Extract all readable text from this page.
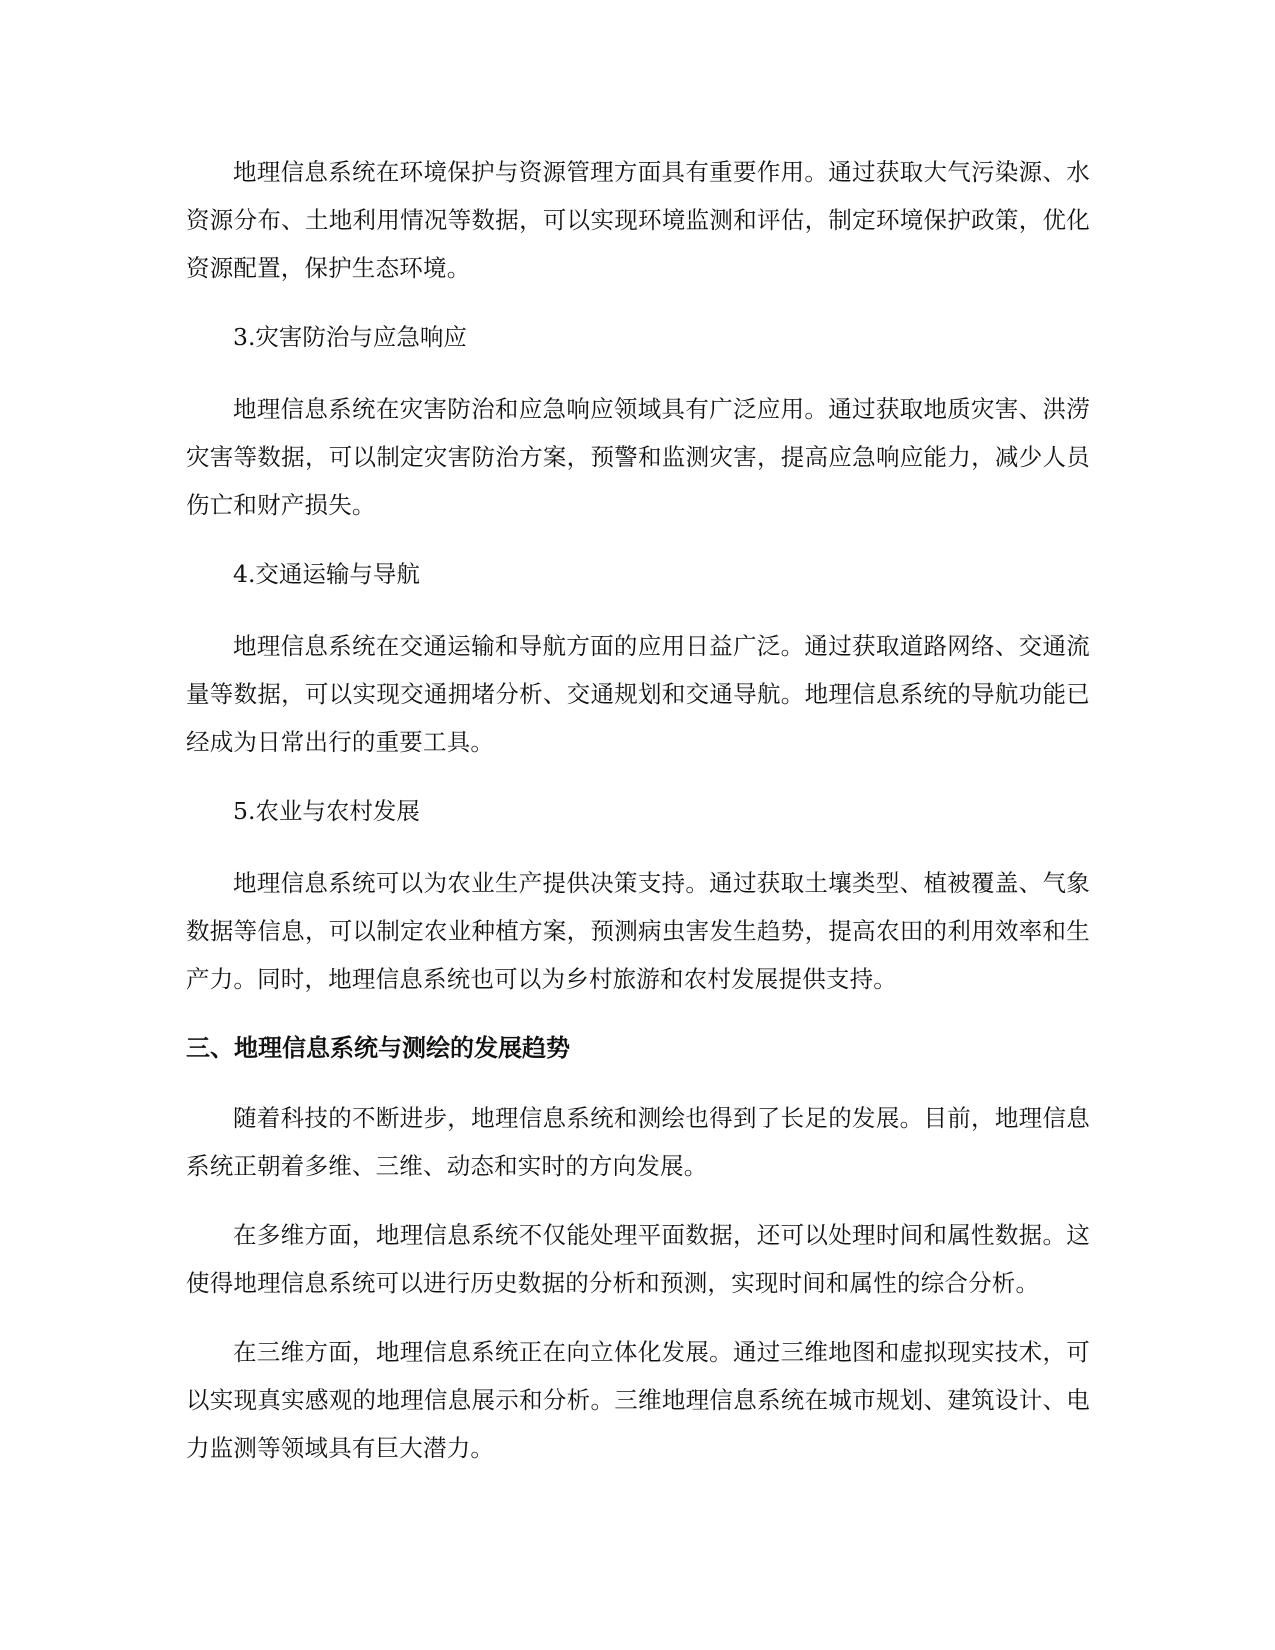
地理信息系统在环境保护与资源管理方面具有重要作用。通过获取大气污染源、水资源分布、土地利用情况等数据，可以实现环境监测和评估，制定环境保护政策，优化资源配置，保护生态环境。

3.灾害防治与应急响应

地理信息系统在灾害防治和应急响应领域具有广泛应用。通过获取地质灾害、洪涝灾害等数据，可以制定灾害防治方案，预警和监测灾害，提高应急响应能力，减少人员伤亡和财产损失。

4.交通运输与导航

地理信息系统在交通运输和导航方面的应用日益广泛。通过获取道路网络、交通流量等数据，可以实现交通拥堵分析、交通规划和交通导航。地理信息系统的导航功能已经成为日常出行的重要工具。

5.农业与农村发展

地理信息系统可以为农业生产提供决策支持。通过获取土壤类型、植被覆盖、气象数据等信息，可以制定农业种植方案，预测病虫害发生趋势，提高农田的利用效率和生产力。同时，地理信息系统也可以为乡村旅游和农村发展提供支持。

三、地理信息系统与测绘的发展趋势

随着科技的不断进步，地理信息系统和测绘也得到了长足的发展。目前，地理信息系统正朝着多维、三维、动态和实时的方向发展。

在多维方面，地理信息系统不仅能处理平面数据，还可以处理时间和属性数据。这使得地理信息系统可以进行历史数据的分析和预测，实现时间和属性的综合分析。

在三维方面，地理信息系统正在向立体化发展。通过三维地图和虚拟现实技术，可以实现真实感观的地理信息展示和分析。三维地理信息系统在城市规划、建筑设计、电力监测等领域具有巨大潜力。
